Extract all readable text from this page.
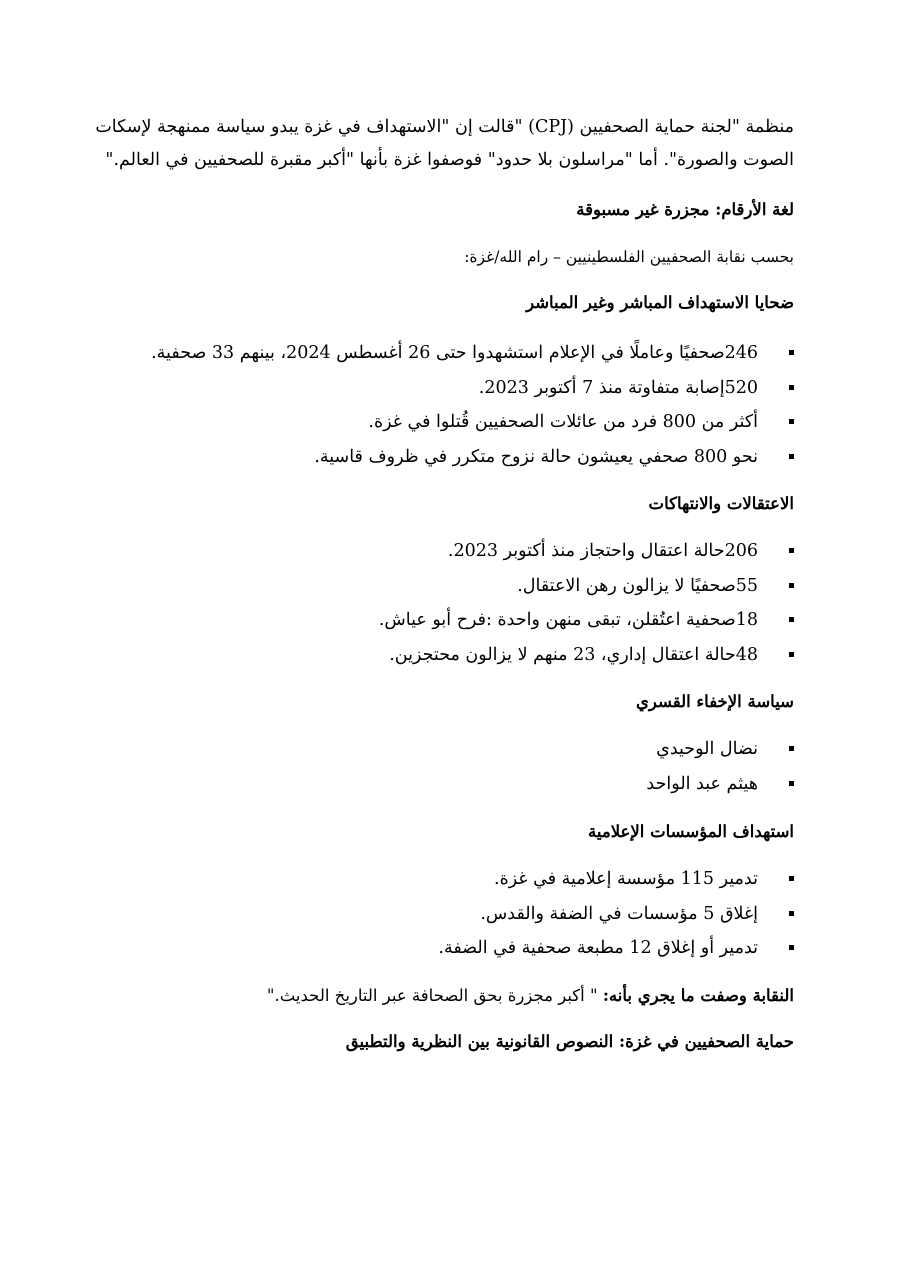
منظمة "لجنة حماية الصحفيين (CPJ) "قالت إن "الاستهداف في غزة يبدو سياسة ممنهجة لإسكات
الصوت والصورة". أما "مراسلون بلا حدود" فوصفوا غزة بأنها "أكبر مقبرة للصحفيين في العالم."
لغة الأرقام: مجزرة غير مسبوقة
بحسب نقابة الصحفيين الفلسطينيين – رام الله/غزة:
ضحايا الاستهداف المباشر وغير المباشر
246صحفيًا وعاملًا في الإعلام استشهدوا حتى 26 أغسطس 2024، بينهم 33 صحفية.
520إصابة متفاوتة منذ 7 أكتوبر 2023.
أكثر من 800 فرد من عائلات الصحفيين قُتلوا في غزة.
نحو 800 صحفي يعيشون حالة نزوح متكرر في ظروف قاسية.
الاعتقالات والانتهاكات
206حالة اعتقال واحتجاز منذ أكتوبر 2023.
55صحفيًا لا يزالون رهن الاعتقال.
18صحفية اعتُقلن، تبقى منهن واحدة :فرح أبو عياش.
48حالة اعتقال إداري، 23 منهم لا يزالون محتجزين.
سياسة الإخفاء القسري
نضال الوحيدي
هيثم عبد الواحد
استهداف المؤسسات الإعلامية
تدمير 115 مؤسسة إعلامية في غزة.
إغلاق 5 مؤسسات في الضفة والقدس.
تدمير أو إغلاق 12 مطبعة صحفية في الضفة.
النقابة وصفت ما يجري بأنه: " أكبر مجزرة بحق الصحافة عبر التاريخ الحديث."
حماية الصحفيين في غزة: النصوص القانونية بين النظرية والتطبيق
